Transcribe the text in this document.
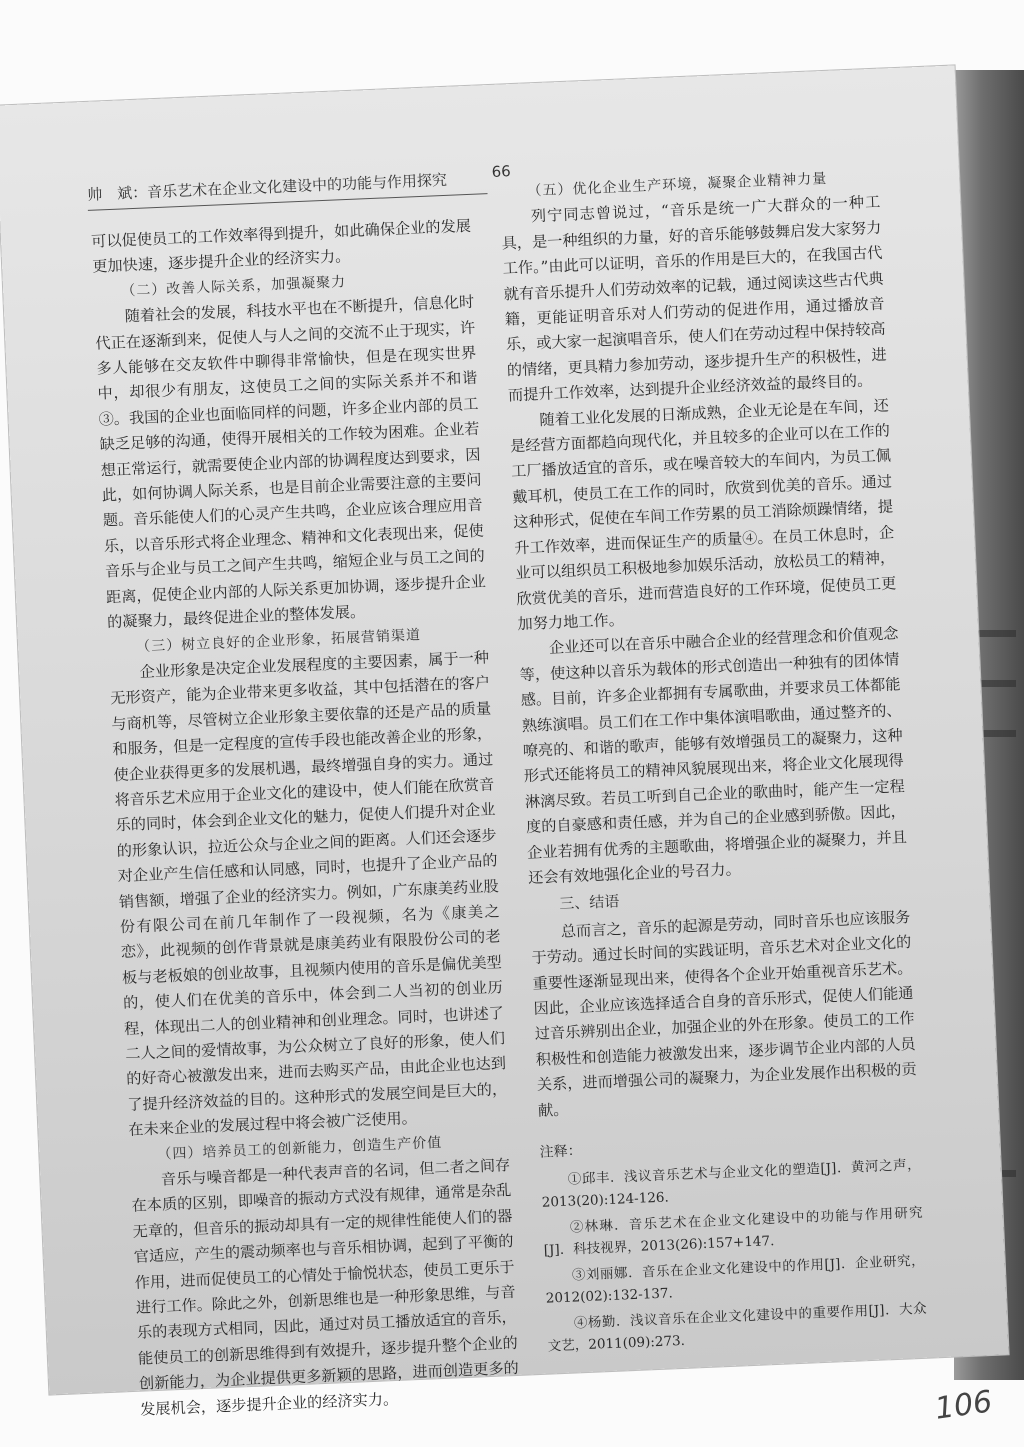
帅　斌：音乐艺术在企业文化建设中的功能与作用探究	66

可以促使员工的工作效率得到提升，如此确保企业的发展更加快速，逐步提升企业的经济实力。

（二）改善人际关系，加强凝聚力

随着社会的发展，科技水平也在不断提升，信息化时代正在逐渐到来，促使人与人之间的交流不止于现实，许多人能够在交友软件中聊得非常愉快，但是在现实世界中，却很少有朋友，这使员工之间的实际关系并不和谐③。我国的企业也面临同样的问题，许多企业内部的员工缺乏足够的沟通，使得开展相关的工作较为困难。企业若想正常运行，就需要使企业内部的协调程度达到要求，因此，如何协调人际关系，也是目前企业需要注意的主要问题。音乐能使人们的心灵产生共鸣，企业应该合理应用音乐，以音乐形式将企业理念、精神和文化表现出来，促使音乐与企业与员工之间产生共鸣，缩短企业与员工之间的距离，促使企业内部的人际关系更加协调，逐步提升企业的凝聚力，最终促进企业的整体发展。

（三）树立良好的企业形象，拓展营销渠道

企业形象是决定企业发展程度的主要因素，属于一种无形资产，能为企业带来更多收益，其中包括潜在的客户与商机等，尽管树立企业形象主要依靠的还是产品的质量和服务，但是一定程度的宣传手段也能改善企业的形象，使企业获得更多的发展机遇，最终增强自身的实力。通过将音乐艺术应用于企业文化的建设中，使人们能在欣赏音乐的同时，体会到企业文化的魅力，促使人们提升对企业的形象认识，拉近公众与企业之间的距离。人们还会逐步对企业产生信任感和认同感，同时，也提升了企业产品的销售额，增强了企业的经济实力。例如，广东康美药业股份有限公司在前几年制作了一段视频，名为《康美之恋》，此视频的创作背景就是康美药业有限股份公司的老板与老板娘的创业故事，且视频内使用的音乐是偏优美型的，使人们在优美的音乐中，体会到二人当初的创业历程，体现出二人的创业精神和创业理念。同时，也讲述了二人之间的爱情故事，为公众树立了良好的形象，使人们的好奇心被激发出来，进而去购买产品，由此企业也达到了提升经济效益的目的。这种形式的发展空间是巨大的，在未来企业的发展过程中将会被广泛使用。

（四）培养员工的创新能力，创造生产价值

音乐与噪音都是一种代表声音的名词，但二者之间存在本质的区别，即噪音的振动方式没有规律，通常是杂乱无章的，但音乐的振动却具有一定的规律性能使人们的器官适应，产生的震动频率也与音乐相协调，起到了平衡的作用，进而促使员工的心情处于愉悦状态，使员工更乐于进行工作。除此之外，创新思维也是一种形象思维，与音乐的表现方式相同，因此，通过对员工播放适宜的音乐，能使员工的创新思维得到有效提升，逐步提升整个企业的创新能力，为企业提供更多新颖的思路，进而创造更多的发展机会，逐步提升企业的经济实力。

（五）优化企业生产环境，凝聚企业精神力量

列宁同志曾说过，“音乐是统一广大群众的一种工具，是一种组织的力量，好的音乐能够鼓舞启发大家努力工作。”由此可以证明，音乐的作用是巨大的，在我国古代就有音乐提升人们劳动效率的记载，通过阅读这些古代典籍，更能证明音乐对人们劳动的促进作用，通过播放音乐，或大家一起演唱音乐，使人们在劳动过程中保持较高的情绪，更具精力参加劳动，逐步提升生产的积极性，进而提升工作效率，达到提升企业经济效益的最终目的。

随着工业化发展的日渐成熟，企业无论是在车间，还是经营方面都趋向现代化，并且较多的企业可以在工作的工厂播放适宜的音乐，或在噪音较大的车间内，为员工佩戴耳机，使员工在工作的同时，欣赏到优美的音乐。通过这种形式，促使在车间工作劳累的员工消除烦躁情绪，提升工作效率，进而保证生产的质量④。在员工休息时，企业可以组织员工积极地参加娱乐活动，放松员工的精神，欣赏优美的音乐，进而营造良好的工作环境，促使员工更加努力地工作。

企业还可以在音乐中融合企业的经营理念和价值观念等，使这种以音乐为载体的形式创造出一种独有的团体情感。目前，许多企业都拥有专属歌曲，并要求员工体都能熟练演唱。员工们在工作中集体演唱歌曲，通过整齐的、嘹亮的、和谐的歌声，能够有效增强员工的凝聚力，这种形式还能将员工的精神风貌展现出来，将企业文化展现得淋漓尽致。若员工听到自己企业的歌曲时，能产生一定程度的自豪感和责任感，并为自己的企业感到骄傲。因此，企业若拥有优秀的主题歌曲，将增强企业的凝聚力，并且还会有效地强化企业的号召力。

三、结语

总而言之，音乐的起源是劳动，同时音乐也应该服务于劳动。通过长时间的实践证明，音乐艺术对企业文化的重要性逐渐显现出来，使得各个企业开始重视音乐艺术。因此，企业应该选择适合自身的音乐形式，促使人们能通过音乐辨别出企业，加强企业的外在形象。使员工的工作积极性和创造能力被激发出来，逐步调节企业内部的人员关系，进而增强公司的凝聚力，为企业发展作出积极的贡献。

注释：

①邱丰．浅议音乐艺术与企业文化的塑造[J]．黄河之声，2013(20):124-126.

②林琳．音乐艺术在企业文化建设中的功能与作用研究[J]．科技视界，2013(26):157+147.

③刘丽娜．音乐在企业文化建设中的作用[J]．企业研究，2012(02):132-137.

④杨勤．浅议音乐在企业文化建设中的重要作用[J]．大众文艺，2011(09):273.

106
